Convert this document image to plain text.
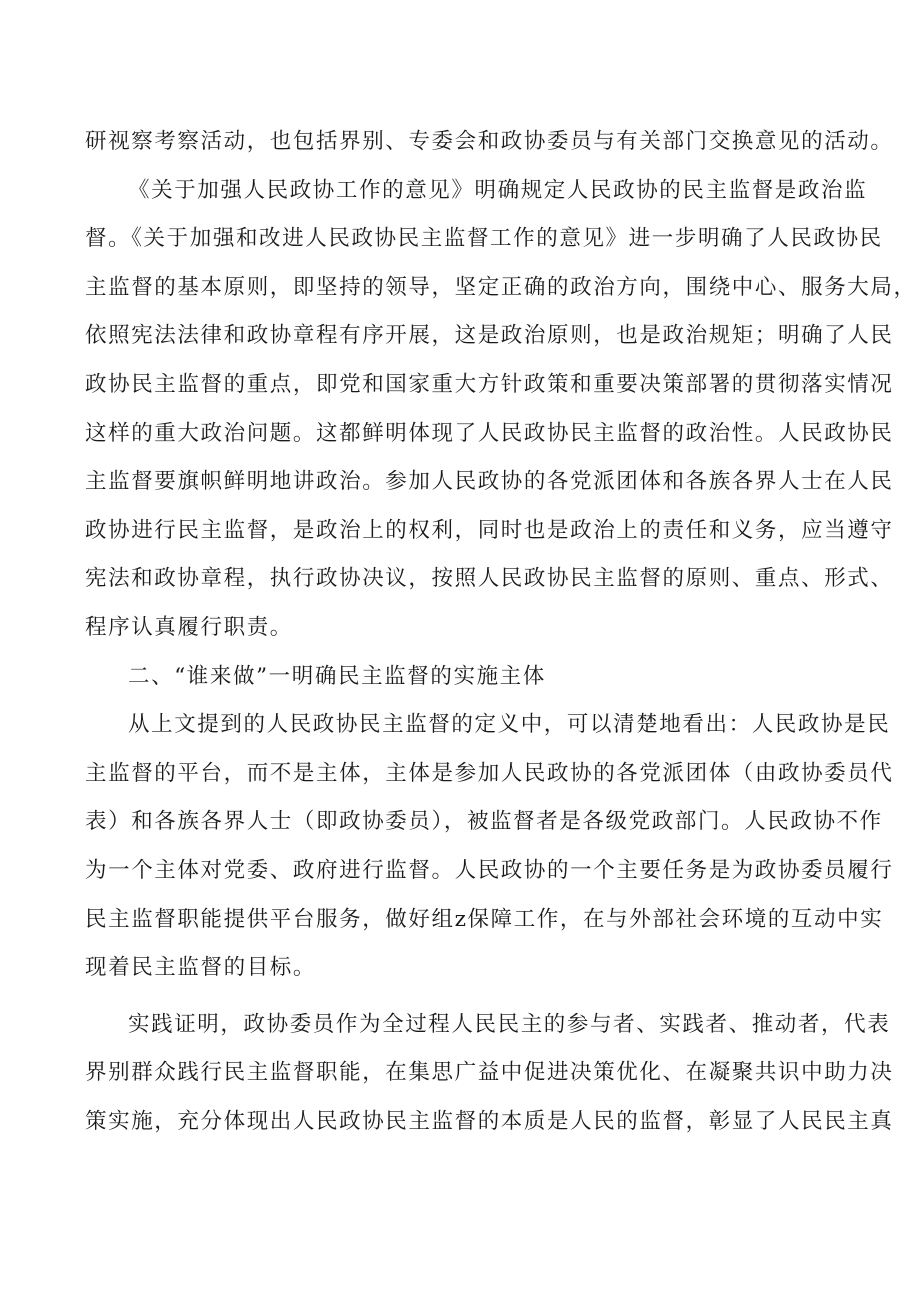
研视察考察活动，也包括界别、专委会和政协委员与有关部门交换意见的活动。
《关于加强人民政协工作的意见》明确规定人民政协的民主监督是政治监
督。《关于加强和改进人民政协民主监督工作的意见》进一步明确了人民政协民
主监督的基本原则，即坚持的领导，坚定正确的政治方向，围绕中心、服务大局，
依照宪法法律和政协章程有序开展，这是政治原则，也是政治规矩；明确了人民
政协民主监督的重点，即党和国家重大方针政策和重要决策部署的贯彻落实情况
这样的重大政治问题。这都鲜明体现了人民政协民主监督的政治性。人民政协民
主监督要旗帜鲜明地讲政治。参加人民政协的各党派团体和各族各界人士在人民
政协进行民主监督，是政治上的权利，同时也是政治上的责任和义务，应当遵守
宪法和政协章程，执行政协决议，按照人民政协民主监督的原则、重点、形式、
程序认真履行职责。
二、“谁来做”一明确民主监督的实施主体
从上文提到的人民政协民主监督的定义中，可以清楚地看出：人民政协是民
主监督的平台，而不是主体，主体是参加人民政协的各党派团体（由政协委员代
表）和各族各界人士（即政协委员），被监督者是各级党政部门。人民政协不作
为一个主体对党委、政府进行监督。人民政协的一个主要任务是为政协委员履行
民主监督职能提供平台服务，做好组z保障工作，在与外部社会环境的互动中实
现着民主监督的目标。
实践证明，政协委员作为全过程人民民主的参与者、实践者、推动者，代表
界别群众践行民主监督职能，在集思广益中促进决策优化、在凝聚共识中助力决
策实施，充分体现出人民政协民主监督的本质是人民的监督，彰显了人民民主真
